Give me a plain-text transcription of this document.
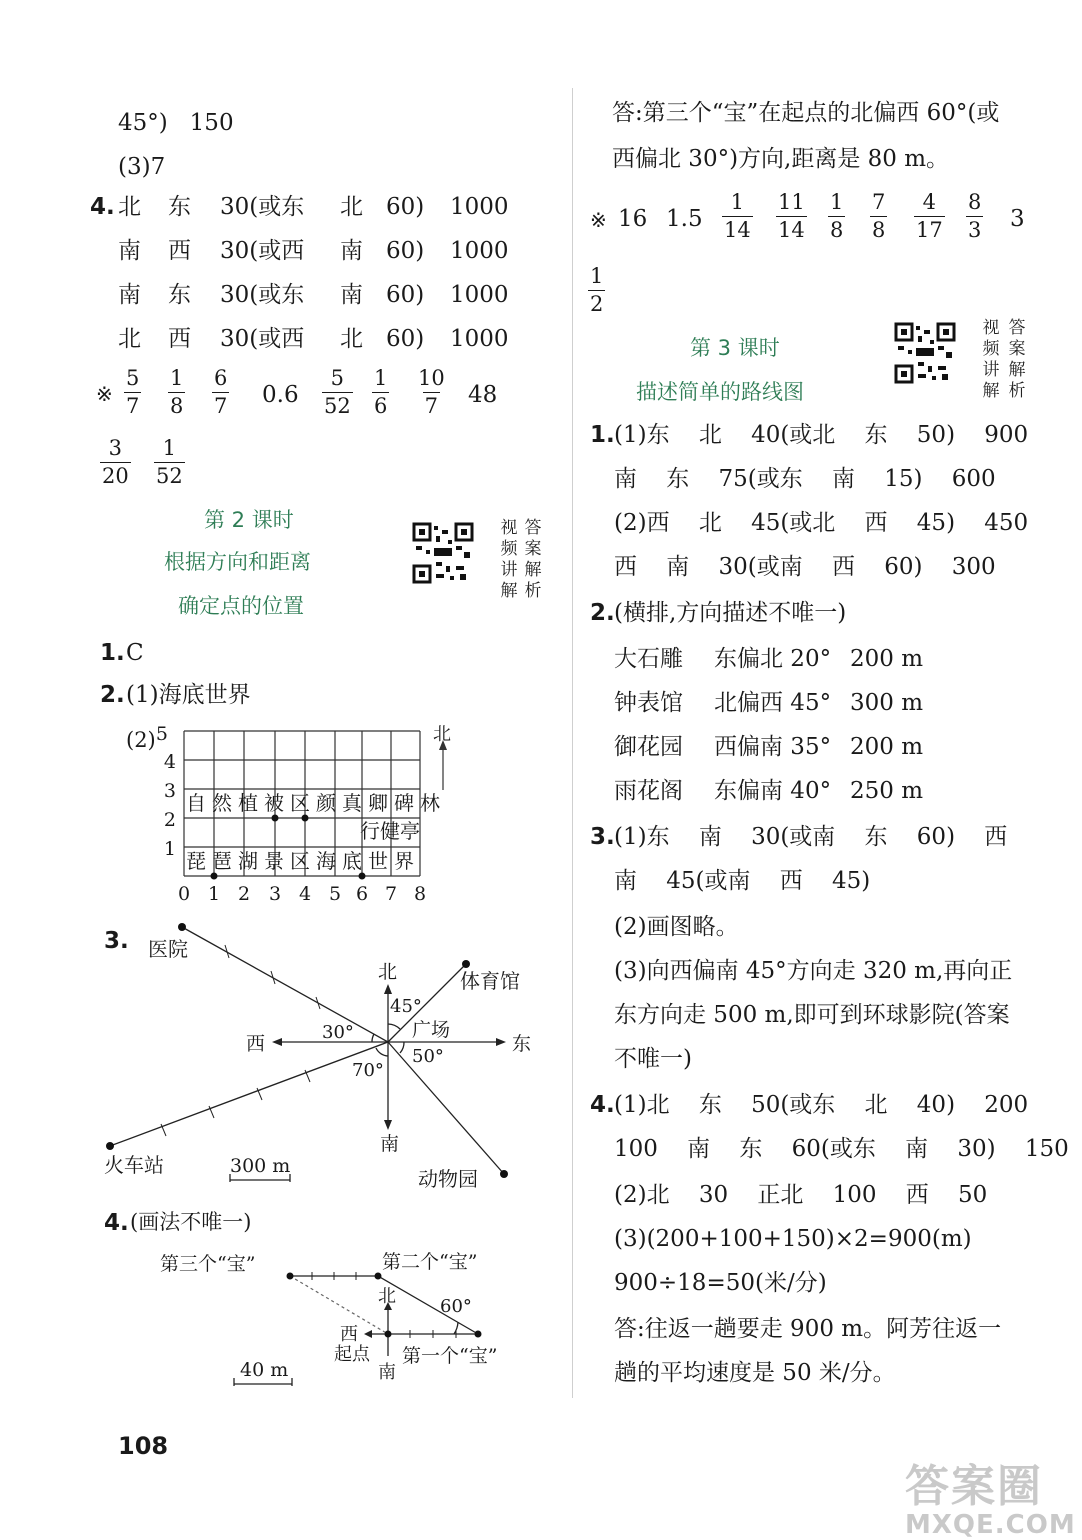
45°)   150
(3)7
4. 北 东 30(或东 北 60) 1000
南 西 30(或西 南 60) 1000
南 东 30(或东 南 60) 1000
北 西 30(或西 北 60) 1000
※ $\frac{5}{7} \frac{1}{8} \frac{6}{7} 0.6 \frac{5}{52} \frac{1}{6} \frac{10}{7} 48$
$\frac{3}{20} \frac{1}{52}$
第 2 课时
根据方向和距离
确定点的位置
视
频
讲
解
答
案
解
析
1. C
2. (1)海底世界
(2) 5
4
3
2
1
0 1 2 3 4 5 6 7 8
北
自然植被区颜真卿碑林
行健亭
琵琶湖景区海底世界
3. 医院
体育馆
广场
火车站
动物园
北
南
西	东
45°
30°
50°
70°
300 m
4. (画法不唯一)
第三个“宝”	第二个“宝”
第一个“宝”
北
西
起点
南
60°
40 m
108
答:第三个“宝”在起点的北偏西 60°(或
西偏北 30°)方向,距离是 80 m。
※ 16 $1.5 \frac{1}{14} \frac{11}{14} \frac{1}{8} \frac{7}{8} \frac{4}{17} \frac{8}{3} 3$
$\frac{1}{2}$
第 3 课时
描述简单的路线图
视
频
讲
解
答
案
解
析
1. (1)东    北    40(或北    东    50)    900
南    东    75(或东    南    15)    600
(2)西    北    45(或北    西    45)    450
西    南    30(或南    西    60)    300
2. (横排,方向描述不唯一)
大石雕 东偏北 20° 200 m
钟表馆 北偏西 45° 300 m
御花园 西偏南 35° 200 m
雨花阁 东偏南 40° 250 m
3. (1)东    南    30(或南    东    60)    西
南    45(或南    西    45)
(2)画图略。
(3)向西偏南 45°方向走 320 m,再向正
东方向走 500 m,即可到环球影院(答案
不唯一)
4. (1)北    东    50(或东    北    40)    200
100    南    东    60(或东    南    30)    150
(2)北    30    正北    100    西    50
(3)(200+100+150)×2=900(m)
900÷18=50(米/分)
答:往返一趟要走 900 m。阿芳往返一
趟的平均速度是 50 米/分。
答案圈
MXQE.COM
